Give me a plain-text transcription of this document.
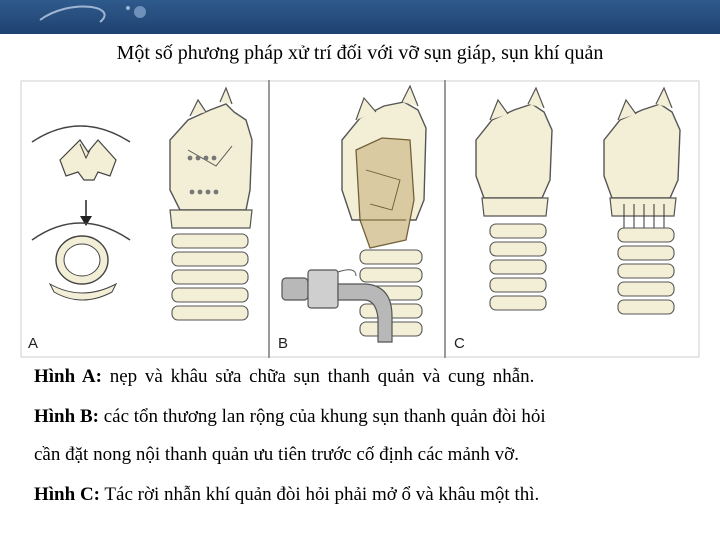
Một số phương pháp xử trí đối với vỡ sụn giáp, sụn khí quản
A	B	C

Hình A: nẹp và khâu sửa chữa sụn thanh quản và cung nhẫn.

Hình B: các tổn thương lan rộng của khung sụn thanh quản đòi hỏi

cần đặt nong nội thanh quản ưu tiên trước cố định các mảnh vỡ.

Hình C: Tác rời nhẫn khí quản đòi hỏi phải mở ổ và khâu một thì.
